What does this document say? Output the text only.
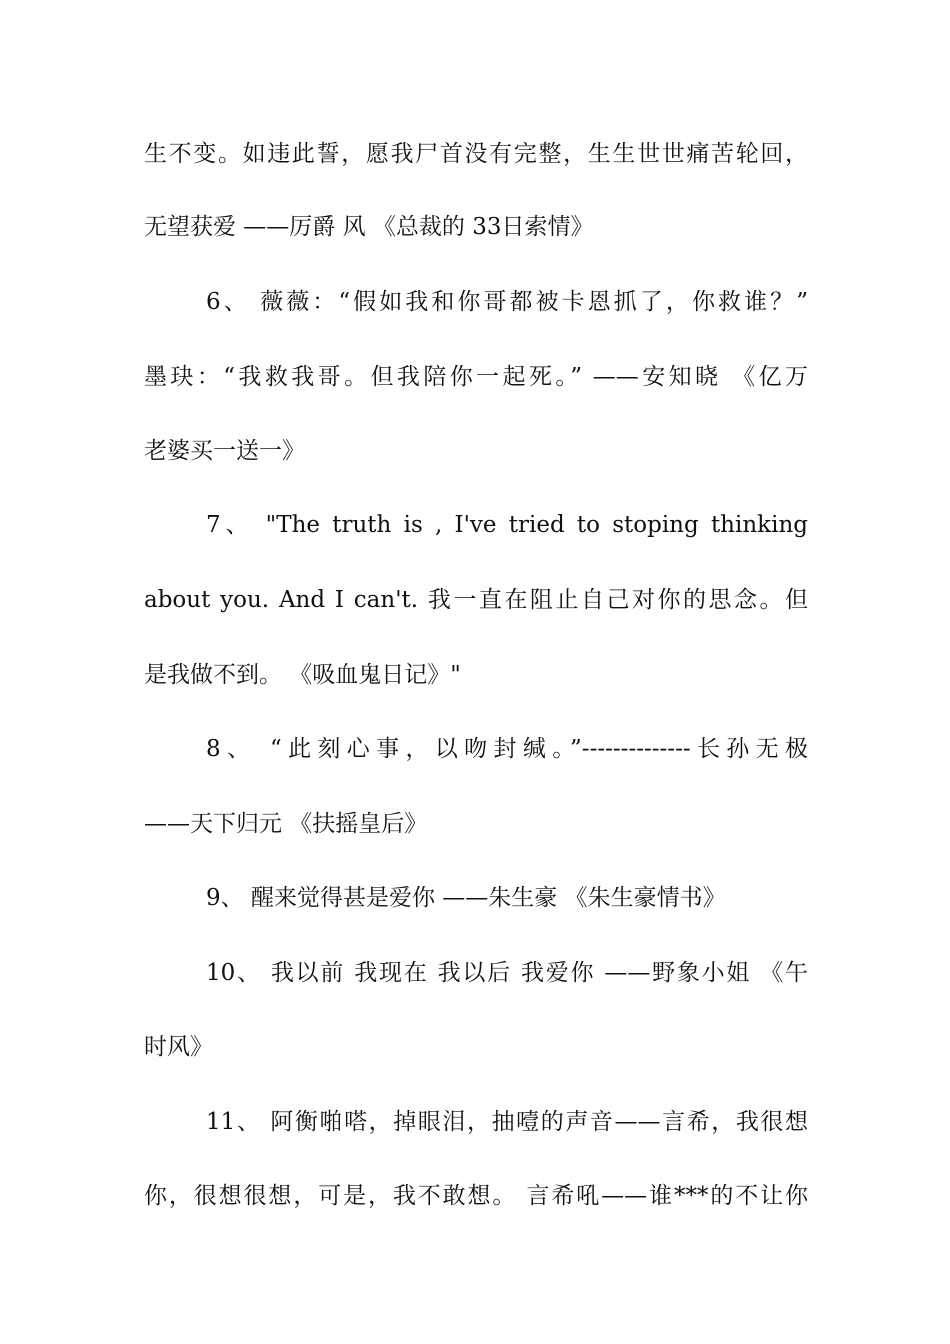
生不变。如违此誓，愿我尸首没有完整，生生世世痛苦轮回，
无望获爱 ——厉爵 风 《总裁的 33日索情》
6、 薇薇：“假如我和你哥都被卡恩抓了，你救谁？”
墨玦：“我救我哥。但我陪你一起死。” ——安知晓 《亿万
老婆买一送一》
7、 "The truth is , I've tried to stoping thinking
about you. And I can't. 我一直在阻止自己对你的思念。但
是我做不到。 《吸血鬼日记》"
8、 “此刻心事，以吻封缄。”--------------长孙无极
——天下归元 《扶摇皇后》
9、 醒来觉得甚是爱你 ——朱生豪 《朱生豪情书》
10、 我以前 我现在 我以后 我爱你 ——野象小姐 《午
时风》
11、 阿衡啪嗒，掉眼泪，抽噎的声音——言希，我很想
你，很想很想，可是，我不敢想。 言希吼——谁***的不让你
